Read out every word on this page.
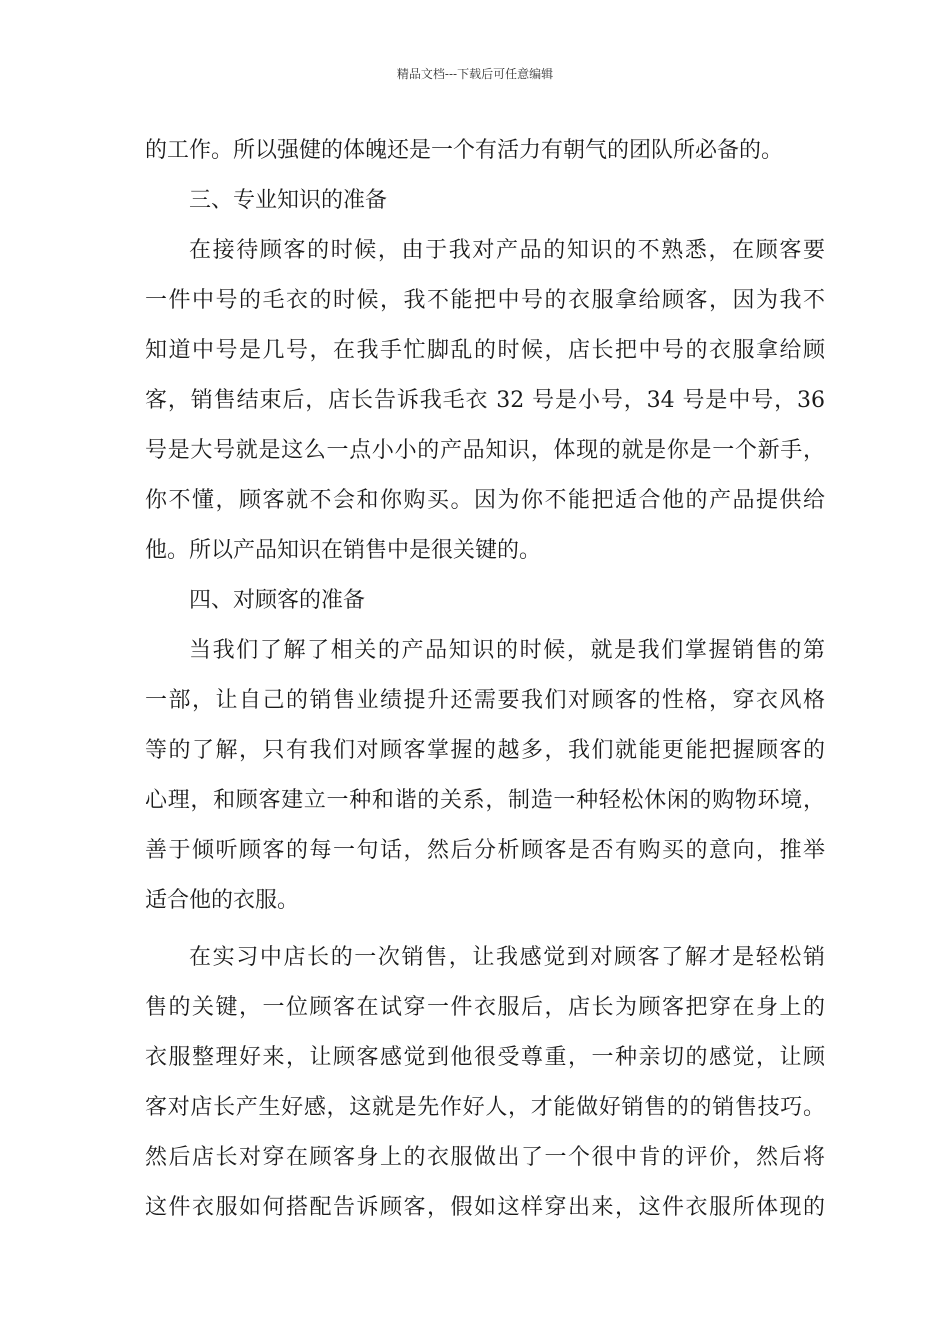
精品文档---下载后可任意编辑
的工作。所以强健的体魄还是一个有活力有朝气的团队所必备的。
三、专业知识的准备
在接待顾客的时候，由于我对产品的知识的不熟悉，在顾客要
一件中号的毛衣的时候，我不能把中号的衣服拿给顾客，因为我不
知道中号是几号，在我手忙脚乱的时候，店长把中号的衣服拿给顾
客，销售结束后，店长告诉我毛衣 32 号是小号，34 号是中号，36
号是大号就是这么一点小小的产品知识，体现的就是你是一个新手，
你不懂，顾客就不会和你购买。因为你不能把适合他的产品提供给
他。所以产品知识在销售中是很关键的。
四、对顾客的准备
当我们了解了相关的产品知识的时候，就是我们掌握销售的第
一部，让自己的销售业绩提升还需要我们对顾客的性格，穿衣风格
等的了解，只有我们对顾客掌握的越多，我们就能更能把握顾客的
心理，和顾客建立一种和谐的关系，制造一种轻松休闲的购物环境，
善于倾听顾客的每一句话，然后分析顾客是否有购买的意向，推举
适合他的衣服。
在实习中店长的一次销售，让我感觉到对顾客了解才是轻松销
售的关键，一位顾客在试穿一件衣服后，店长为顾客把穿在身上的
衣服整理好来，让顾客感觉到他很受尊重，一种亲切的感觉，让顾
客对店长产生好感，这就是先作好人，才能做好销售的的销售技巧。
然后店长对穿在顾客身上的衣服做出了一个很中肯的评价，然后将
这件衣服如何搭配告诉顾客，假如这样穿出来，这件衣服所体现的
